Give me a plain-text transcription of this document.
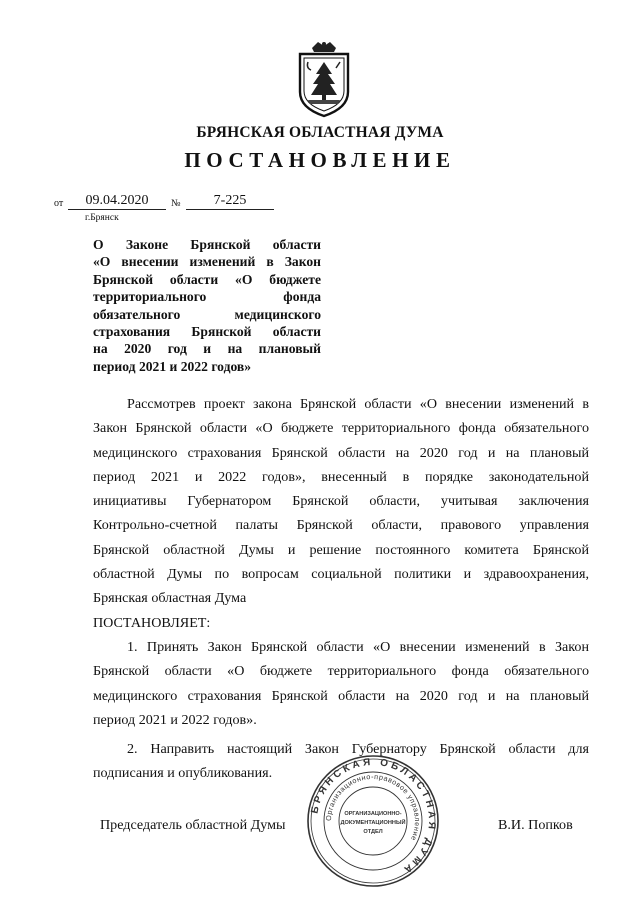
БРЯНСКАЯ ОБЛАСТНАЯ ДУМА
ПОСТАНОВЛЕНИЕ
от	09.04.2020	№	7-225
г.Брянск
О Законе Брянской области
«О внесении изменений в Закон
Брянской области «О бюджете
территориального фонда
обязательного медицинского
страхования Брянской области
на 2020 год и на плановый
период 2021 и 2022 годов»
Рассмотрев проект закона Брянской области «О внесении изменений в
Закон Брянской области «О бюджете территориального фонда обязательного
медицинского страхования Брянской области на 2020 год и на плановый
период 2021 и 2022 годов», внесенный в порядке законодательной
инициативы Губернатором Брянской области, учитывая заключения
Контрольно-счетной палаты Брянской области, правового управления
Брянской областной Думы и решение постоянного комитета Брянской
областной Думы по вопросам социальной политики и здравоохранения,
Брянская областная Дума
ПОСТАНОВЛЯЕТ:
1. Принять Закон Брянской области «О внесении изменений в Закон
Брянской области «О бюджете территориального фонда обязательного
медицинского страхования Брянской области на 2020 год и на плановый
период 2021 и 2022 годов».
2. Направить настоящий Закон Губернатору Брянской области для
подписания и опубликования.
Председатель областной Думы	В.И. Попков
БРЯНСКАЯ ОБЛАСТНАЯ ДУМА
Организационно-правовое управление
ОРГАНИЗАЦИОННО-
ДОКУМЕНТАЦИОННЫЙ
ОТДЕЛ
